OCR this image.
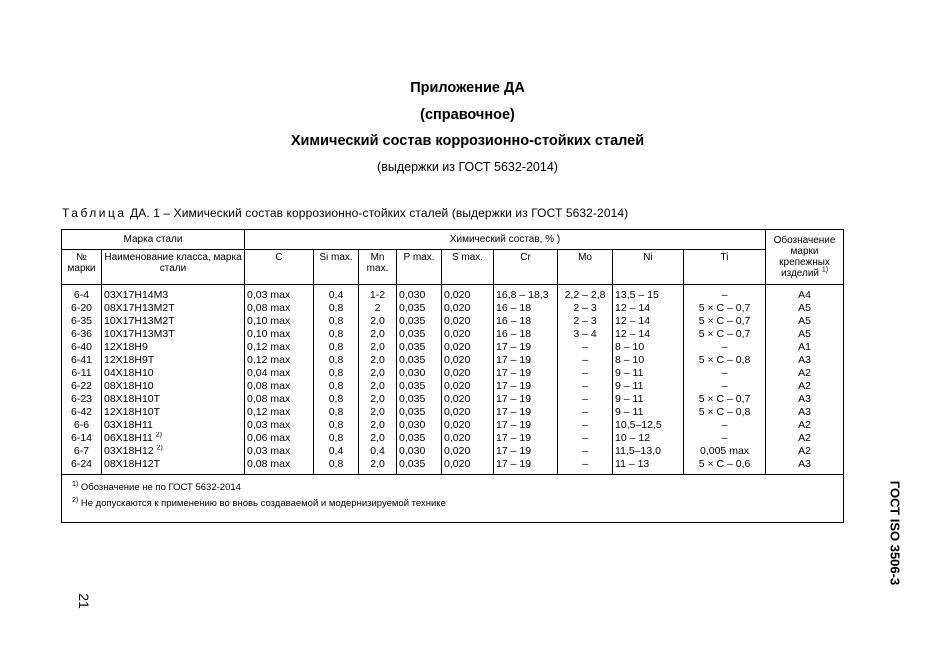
Приложение ДА
(справочное)
Химический состав коррозионно-стойких сталей
(выдержки из ГОСТ 5632-2014)
Таблица ДА. 1 – Химический состав коррозионно-стойких сталей (выдержки из ГОСТ 5632-2014)
Марка стали		Химический состав, % )									Обозначение марки крепежных изделий $^{1)}$
№ марки	Наименование класса, марка стали	C	Si max.	Mn max.	P max.	S max.	Cr	Mo	Ni	Ti	
6-4	03Х17Н14М3	0,03 max	0,4	1-2	0,030	0,020	16,8 – 18,3	2,2 – 2,8	13,5 – 15	–	A4
6-20	08Х17Н13М2Т	0,08 max	0,8	2	0,035	0,020	16 – 18	2 – 3	12 – 14	5 × C – 0,7	A5
6-35	10Х17Н13М2Т	0,10 max	0,8	2,0	0,035	0,020	16 – 18	2 – 3	12 – 14	5 × C – 0,7	A5
6-36	10Х17Н13М3Т	0,10 max	0,8	2,0	0,035	0,020	16 – 18	3 – 4	12 – 14	5 × C – 0,7	A5
6-40	12Х18Н9	0,12 max	0,8	2,0	0,035	0,020	17 – 19	–	8 – 10	–	A1
6-41	12Х18Н9Т	0,12 max	0,8	2,0	0,035	0,020	17 – 19	–	8 – 10	5 × C – 0,8	A3
6-11	04Х18Н10	0,04 max	0,8	2,0	0,030	0,020	17 – 19	–	9 – 11	–	A2
6-22	08Х18Н10	0,08 max	0,8	2,0	0,035	0,020	17 – 19	–	9 – 11	–	A2
6-23	08Х18Н10Т	0,08 max	0,8	2,0	0,035	0,020	17 – 19	–	9 – 11	5 × C – 0,7	A3
6-42	12Х18Н10Т	0,12 max	0,8	2,0	0,035	0,020	17 – 19	–	9 – 11	5 × C – 0,8	A3
6-6	03Х18Н11	0,03 max	0,8	2,0	0,030	0,020	17 – 19	–	10,5–12,5	–	A2
6-14	06Х18Н11 $^{2)}$	0,06 max	0,8	2,0	0,035	0,020	17 – 19	–	10 – 12	–	A2
6-7	03Х18Н12 $^{2)}$	0,03 max	0,4	0,4	0,030	0,020	17 – 19	–	11,5–13,0	0,005 max	A2
6-24	08Х18Н12Т	0,08 max	0,8	2,0	0,035	0,020	17 – 19	–	11 – 13	5 × C – 0,6	A3

$^{1)}$ Обозначение не по ГОСТ 5632-2014
$^{2)}$ Не допускаются к применению во вновь создаваемой и модернизируемой технике												ГОСТ ISO 3506-3
21
